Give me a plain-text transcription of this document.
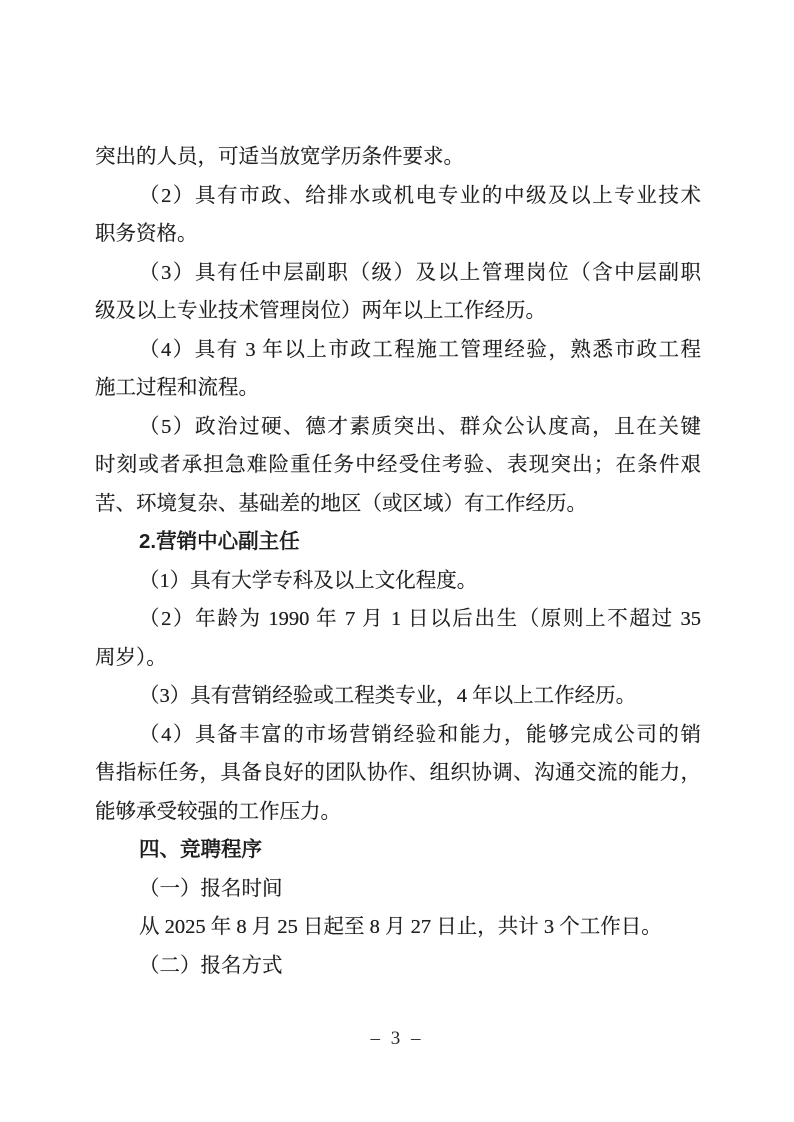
突出的人员，可适当放宽学历条件要求。
（2）具有市政、给排水或机电专业的中级及以上专业技术
职务资格。
（3）具有任中层副职（级）及以上管理岗位（含中层副职
级及以上专业技术管理岗位）两年以上工作经历。
（4）具有 3 年以上市政工程施工管理经验，熟悉市政工程
施工过程和流程。
（5）政治过硬、德才素质突出、群众公认度高，且在关键
时刻或者承担急难险重任务中经受住考验、表现突出；在条件艰
苦、环境复杂、基础差的地区（或区域）有工作经历。
2.营销中心副主任
（1）具有大学专科及以上文化程度。
（2）年龄为 1990 年 7 月 1 日以后出生（原则上不超过 35
周岁）。
（3）具有营销经验或工程类专业，4 年以上工作经历。
（4）具备丰富的市场营销经验和能力，能够完成公司的销
售指标任务，具备良好的团队协作、组织协调、沟通交流的能力，
能够承受较强的工作压力。
四、竞聘程序
（一）报名时间
从 2025 年 8 月 25 日起至 8 月 27 日止，共计 3 个工作日。
（二）报名方式
– 3 –
